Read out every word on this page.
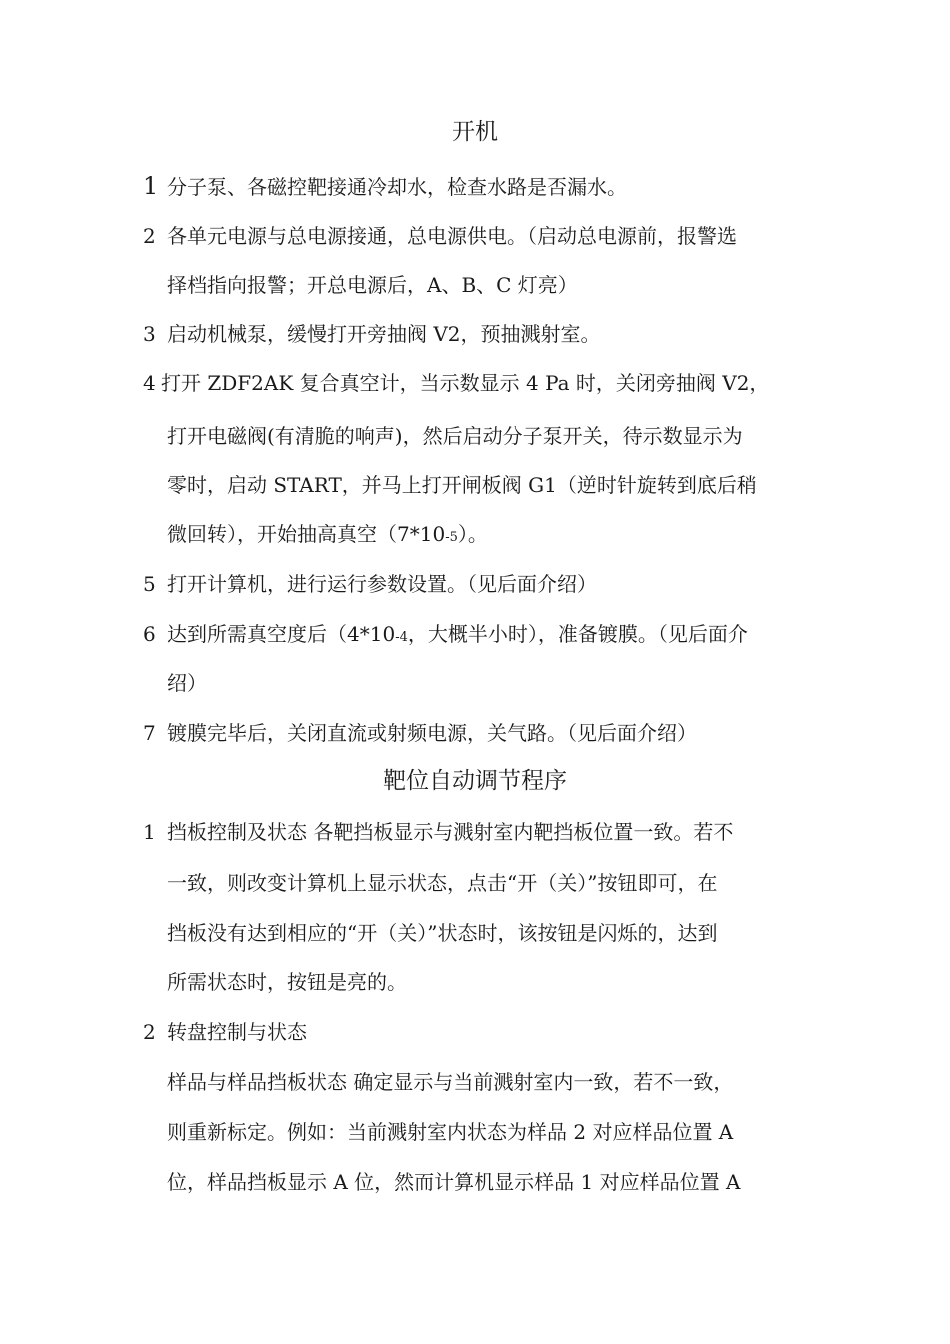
开机

1 分子泵、各磁控靶接通冷却水，检查水路是否漏水。

2 各单元电源与总电源接通，总电源供电。（启动总电源前，报警选

择档指向报警；开总电源后，A、B、C 灯亮）

3 启动机械泵，缓慢打开旁抽阀 V2，预抽溅射室。

4 打开 ZDF2AK 复合真空计，当示数显示 4 Pa 时，关闭旁抽阀 V2，

打开电磁阀(有清脆的响声)，然后启动分子泵开关，待示数显示为

零时，启动 START，并马上打开闸板阀 G1（逆时针旋转到底后稍

微回转），开始抽高真空（7*10-5）。

5 打开计算机，进行运行参数设置。（见后面介绍）

6 达到所需真空度后（4*10-4，大概半小时），准备镀膜。（见后面介

绍）

7 镀膜完毕后，关闭直流或射频电源，关气路。（见后面介绍）

靶位自动调节程序

1 挡板控制及状态 各靶挡板显示与溅射室内靶挡板位置一致。若不

一致，则改变计算机上显示状态，点击“开（关）”按钮即可，在

挡板没有达到相应的“开（关）”状态时，该按钮是闪烁的，达到

所需状态时，按钮是亮的。

2 转盘控制与状态

样品与样品挡板状态 确定显示与当前溅射室内一致，若不一致，

则重新标定。例如：当前溅射室内状态为样品 2 对应样品位置 A

位，样品挡板显示 A 位，然而计算机显示样品 1 对应样品位置 A
